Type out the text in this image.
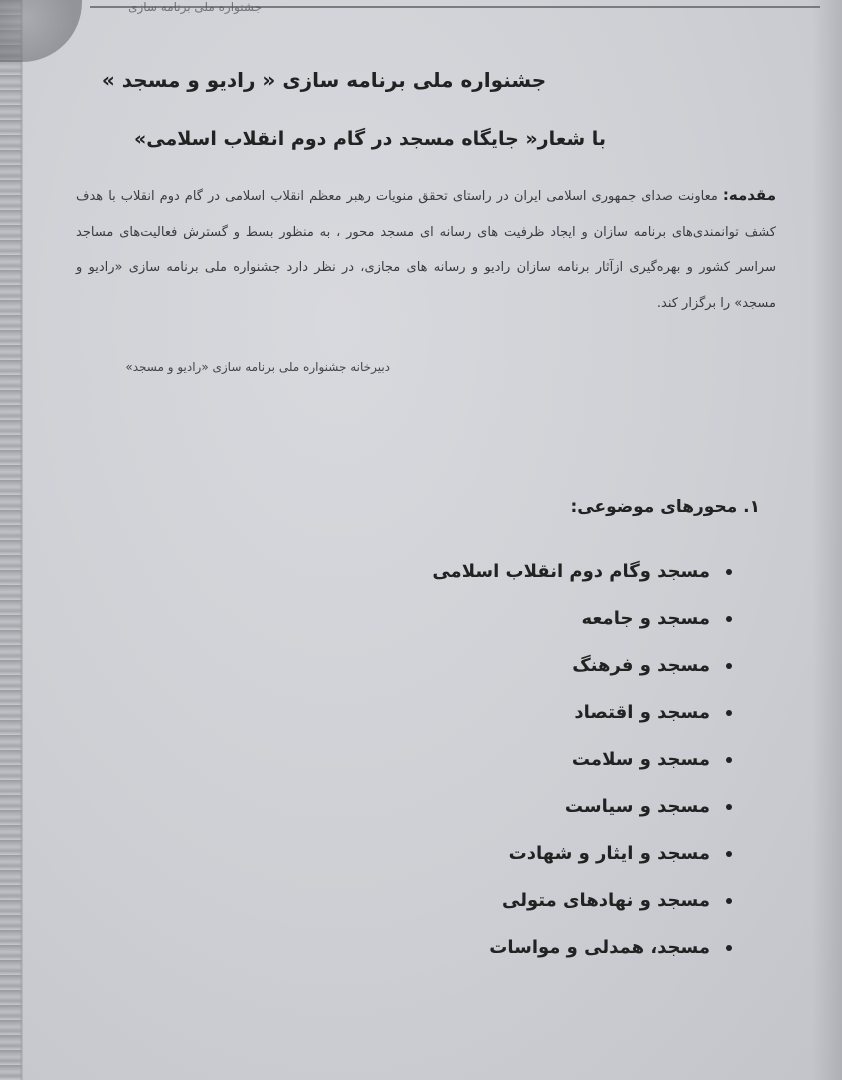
جشنواره ملی برنامه سازی
جشنواره ملی برنامه سازی « رادیو و مسجد »
با شعار« جایگاه مسجد در گام دوم انقلاب اسلامی»
مقدمه: معاونت صدای جمهوری اسلامی ایران در راستای تحقق منویات رهبر معظم انقلاب اسلامی در گام دوم انقلاب با هدف کشف توانمندی‌های برنامه سازان و ایجاد ظرفیت های رسانه ای مسجد محور ، به منظور بسط و گسترش فعالیت‌های مساجد سراسر کشور و بهره‌گیری ازآثار برنامه سازان رادیو و رسانه های مجازی، در نظر دارد جشنواره ملی برنامه سازی «رادیو و مسجد» را برگزار کند.
دبیرخانه جشنواره ملی برنامه سازی «رادیو و مسجد»
۱. محورهای موضوعی:
مسجد وگام دوم انقلاب اسلامی
مسجد و جامعه
مسجد و فرهنگ
مسجد و اقتصاد
مسجد و سلامت
مسجد و سیاست
مسجد و ایثار و شهادت
مسجد و نهادهای متولی
مسجد، همدلی و مواسات
